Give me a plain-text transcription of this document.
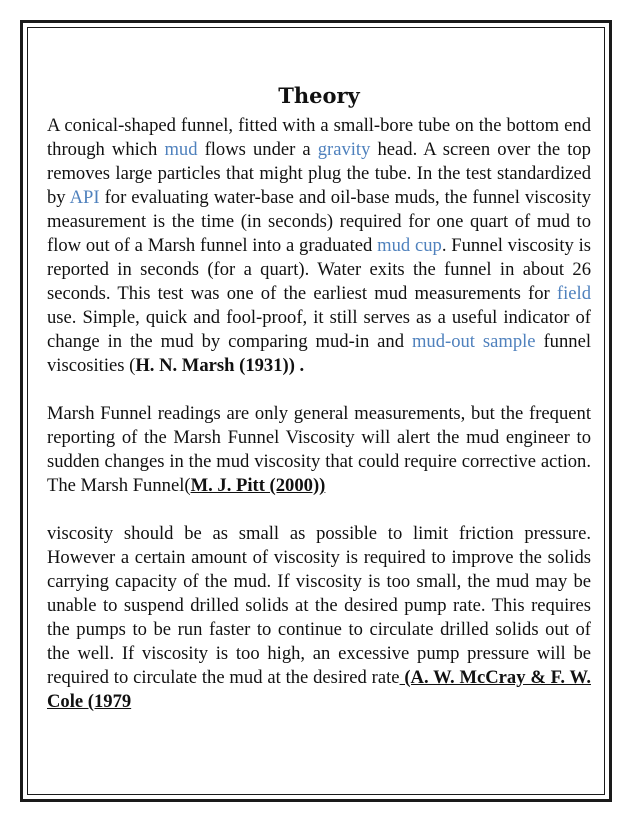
Theory

A conical-shaped funnel, fitted with a small-bore tube on the bottom end through which mud flows under a gravity head. A screen over the top removes large particles that might plug the tube. In the test standardized by API for evaluating water-base and oil-base muds, the funnel viscosity measurement is the time (in seconds) required for one quart of mud to flow out of a Marsh funnel into a graduated mud cup. Funnel viscosity is reported in seconds (for a quart). Water exits the funnel in about 26 seconds. This test was one of the earliest mud measurements for field use. Simple, quick and fool-proof, it still serves as a useful indicator of change in the mud by comparing mud-in and mud-out sample funnel viscosities (H. N. Marsh (1931)) .

Marsh Funnel readings are only general measurements, but the frequent reporting of the Marsh Funnel Viscosity will alert the mud engineer to sudden changes in the mud viscosity that could require corrective action. The Marsh Funnel(M. J. Pitt (2000))

viscosity should be as small as possible to limit friction pressure. However a certain amount of viscosity is required to improve the solids carrying capacity of the mud. If viscosity is too small, the mud may be unable to suspend drilled solids at the desired pump rate. This requires the pumps to be run faster to continue to circulate drilled solids out of the well. If viscosity is too high, an excessive pump pressure will be required to circulate the mud at the desired rate (A. W. McCray & F. W. Cole (1979
